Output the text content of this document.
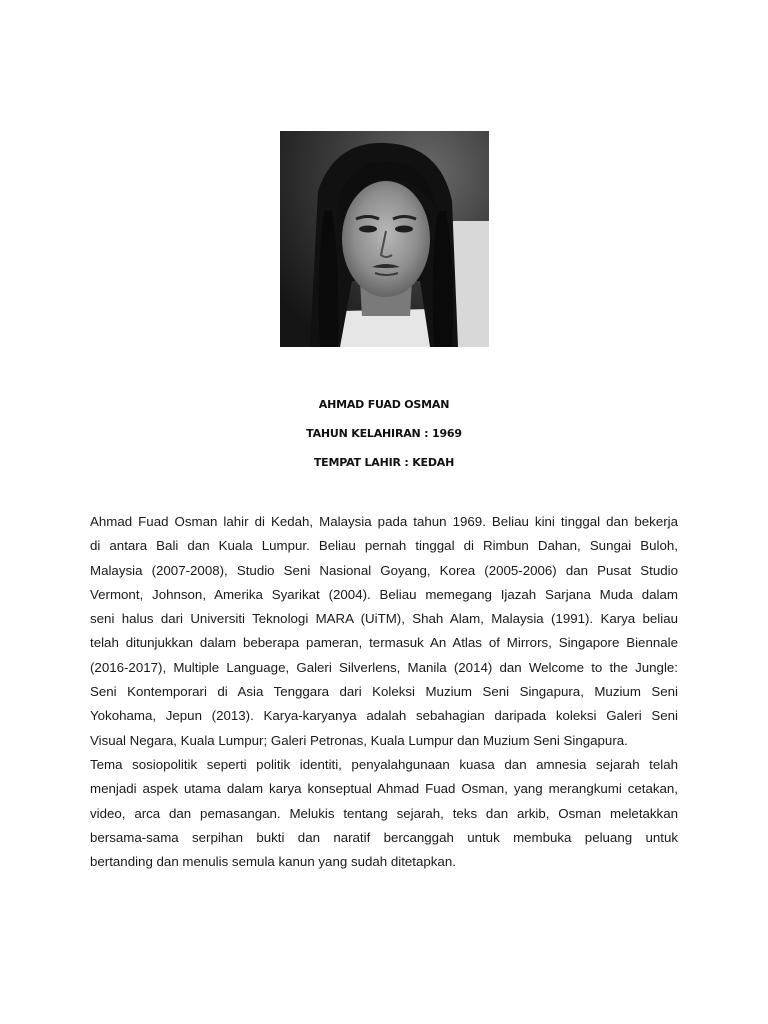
AHMAD FUAD OSMAN
TAHUN KELAHIRAN : 1969
TEMPAT LAHIR : KEDAH
Ahmad Fuad Osman lahir di Kedah, Malaysia pada tahun 1969. Beliau kini tinggal dan bekerja
di antara Bali dan Kuala Lumpur. Beliau pernah tinggal di Rimbun Dahan, Sungai Buloh,
Malaysia (2007-2008), Studio Seni Nasional Goyang, Korea (2005-2006) dan Pusat Studio
Vermont, Johnson, Amerika Syarikat (2004). Beliau memegang Ijazah Sarjana Muda dalam
seni halus dari Universiti Teknologi MARA (UiTM), Shah Alam, Malaysia (1991). Karya beliau
telah ditunjukkan dalam beberapa pameran, termasuk An Atlas of Mirrors, Singapore Biennale
(2016-2017), Multiple Language, Galeri Silverlens, Manila (2014) dan Welcome to the Jungle:
Seni Kontemporari di Asia Tenggara dari Koleksi Muzium Seni Singapura, Muzium Seni
Yokohama, Jepun (2013). Karya-karyanya adalah sebahagian daripada koleksi Galeri Seni
Visual Negara, Kuala Lumpur; Galeri Petronas, Kuala Lumpur dan Muzium Seni Singapura.
Tema sosiopolitik seperti politik identiti, penyalahgunaan kuasa dan amnesia sejarah telah
menjadi aspek utama dalam karya konseptual Ahmad Fuad Osman, yang merangkumi cetakan,
video, arca dan pemasangan. Melukis tentang sejarah, teks dan arkib, Osman meletakkan
bersama-sama serpihan bukti dan naratif bercanggah untuk membuka peluang untuk
bertanding dan menulis semula kanun yang sudah ditetapkan.
